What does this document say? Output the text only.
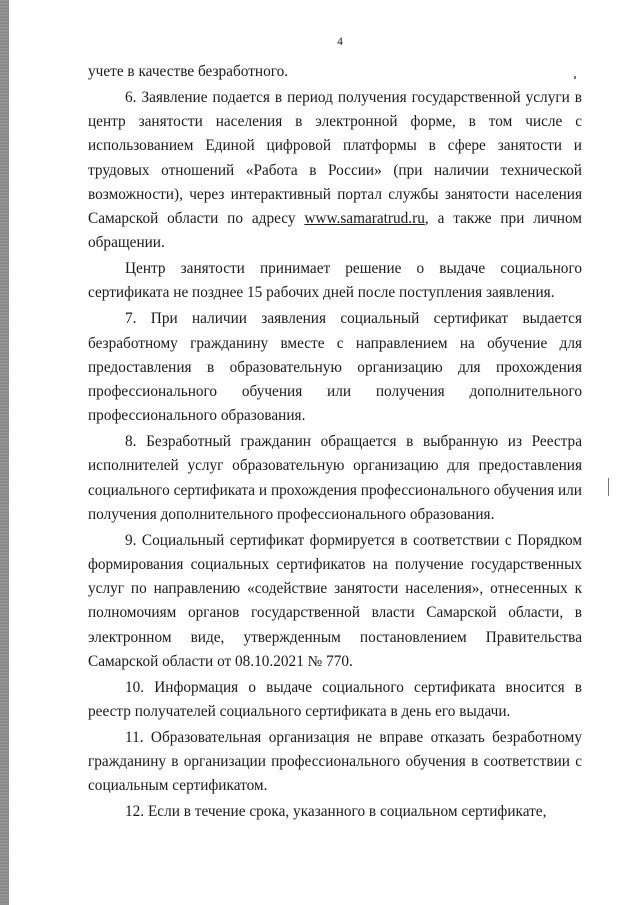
4

учете в качестве безработного.

6. Заявление подается в период получения государственной услуги в центр занятости населения в электронной форме, в том числе с использованием Единой цифровой платформы в сфере занятости и трудовых отношений «Работа в России» (при наличии технической возможности), через интерактивный портал службы занятости населения Самарской области по адресу www.samaratrud.ru, а также при личном обращении.

Центр занятости принимает решение о выдаче социального сертификата не позднее 15 рабочих дней после поступления заявления.

7. При наличии заявления социальный сертификат выдается безработному гражданину вместе с направлением на обучение для предоставления в образовательную организацию для прохождения профессионального обучения или получения дополнительного профессионального образования.

8. Безработный гражданин обращается в выбранную из Реестра исполнителей услуг образовательную организацию для предоставления социального сертификата и прохождения профессионального обучения или получения дополнительного профессионального образования.

9. Социальный сертификат формируется в соответствии с Порядком формирования социальных сертификатов на получение государственных услуг по направлению «содействие занятости населения», отнесенных к полномочиям органов государственной власти Самарской области, в электронном виде, утвержденным постановлением Правительства Самарской области от 08.10.2021 № 770.

10. Информация о выдаче социального сертификата вносится в реестр получателей социального сертификата в день его выдачи.

11. Образовательная организация не вправе отказать безработному гражданину в организации профессионального обучения в соответствии с социальным сертификатом.

12. Если в течение срока, указанного в социальном сертификате,
